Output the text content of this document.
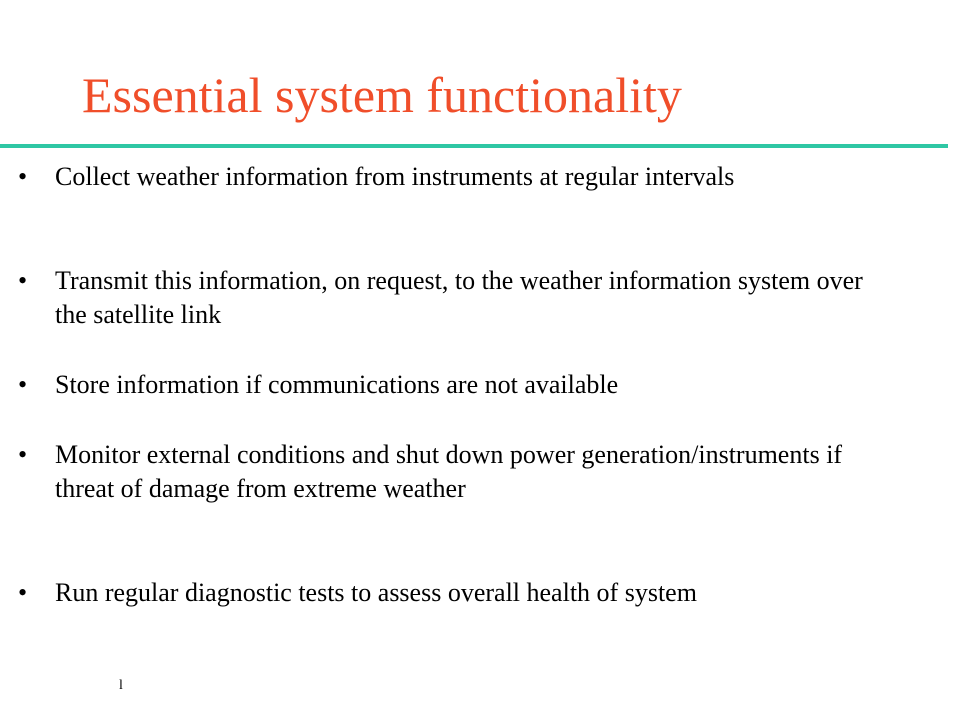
Essential system functionality
•	Collect weather information from instruments at regular intervals
•	Transmit this information, on request, to the weather information system over the satellite link
•	Store information if communications are not available
•	Monitor external conditions and shut down power generation/instruments if threat of damage from extreme weather
•	Run regular diagnostic tests to assess overall health of system
l
